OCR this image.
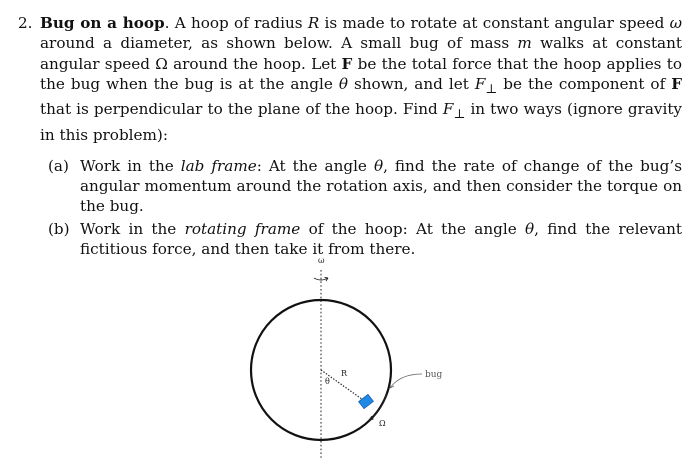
2. Bug on a hoop. A hoop of radius R is made to rotate at constant angular speed ω around a diameter, as shown below. A small bug of mass m walks at constant angular speed Ω around the hoop. Let F be the total force that the hoop applies to the bug when the bug is at the angle θ shown, and let $F_\perp$ be the component of F that is perpendicular to the plane of the hoop. Find $F_\perp$ in two ways (ignore gravity in this problem):
(a) Work in the lab frame: At the angle θ, find the rate of change of the bug’s angular momentum around the rotation axis, and then consider the torque on the bug.
(b) Work in the rotating frame of the hoop: At the angle θ, find the relevant fictitious force, and then take it from there.
ω
R
θ
bug
Ω
